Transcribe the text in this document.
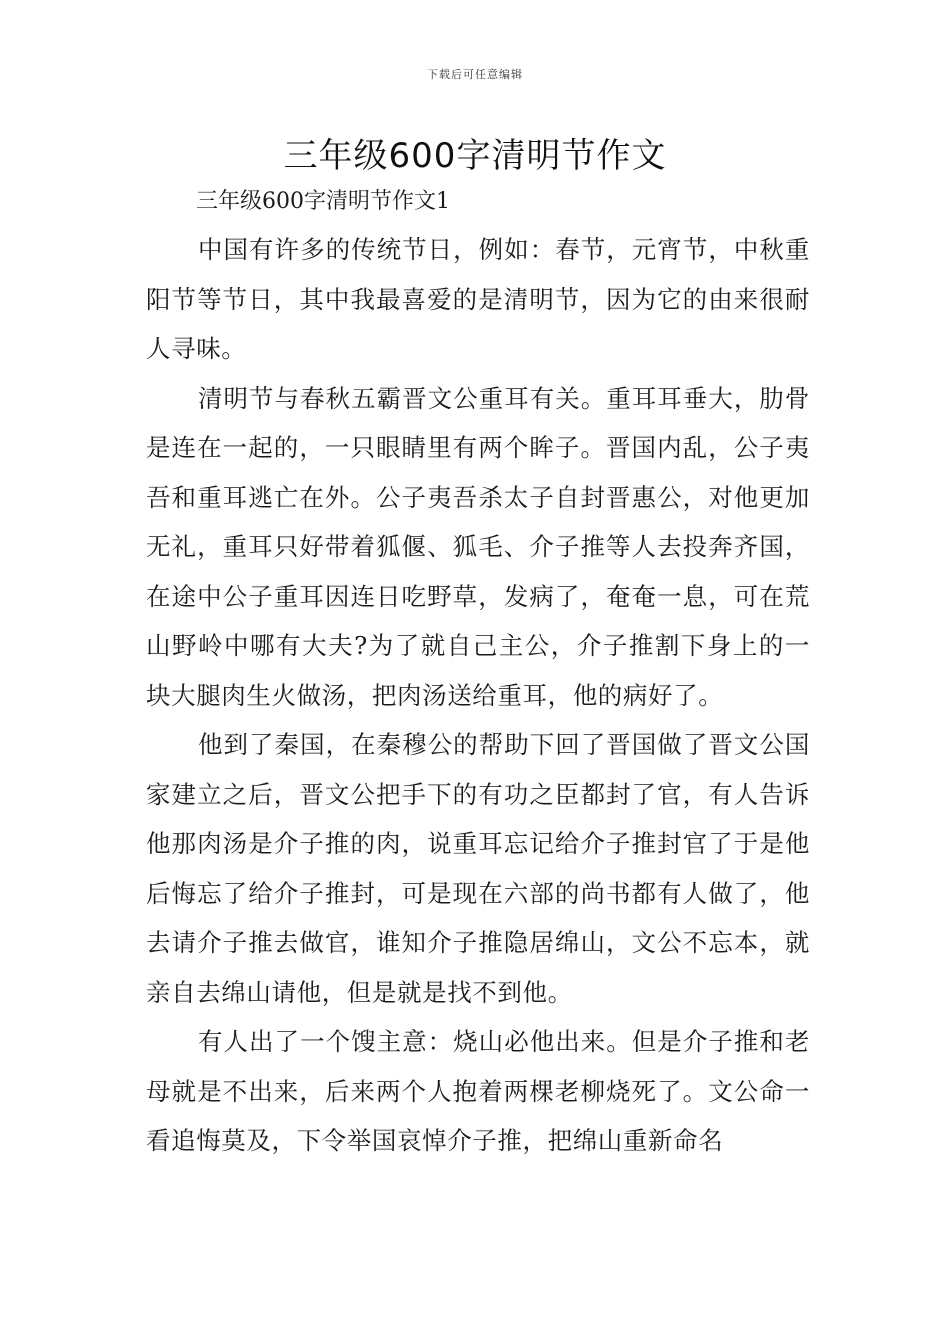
下载后可任意编辑
三年级600字清明节作文

三年级600字清明节作文1

中国有许多的传统节日，例如：春节，元宵节，中秋重阳节等节日，其中我最喜爱的是清明节，因为它的由来很耐人寻味。

清明节与春秋五霸晋文公重耳有关。重耳耳垂大，肋骨是连在一起的，一只眼睛里有两个眸子。晋国内乱，公子夷吾和重耳逃亡在外。公子夷吾杀太子自封晋惠公，对他更加无礼，重耳只好带着狐偃、狐毛、介子推等人去投奔齐国，在途中公子重耳因连日吃野草，发病了，奄奄一息，可在荒山野岭中哪有大夫?为了就自己主公，介子推割下身上的一块大腿肉生火做汤，把肉汤送给重耳，他的病好了。

他到了秦国，在秦穆公的帮助下回了晋国做了晋文公国家建立之后，晋文公把手下的有功之臣都封了官，有人告诉他那肉汤是介子推的肉，说重耳忘记给介子推封官了于是他后悔忘了给介子推封，可是现在六部的尚书都有人做了，他去请介子推去做官，谁知介子推隐居绵山，文公不忘本，就亲自去绵山请他，但是就是找不到他。

有人出了一个馊主意：烧山必他出来。但是介子推和老母就是不出来，后来两个人抱着两棵老柳烧死了。文公命一看追悔莫及，下令举国哀悼介子推，把绵山重新命名
